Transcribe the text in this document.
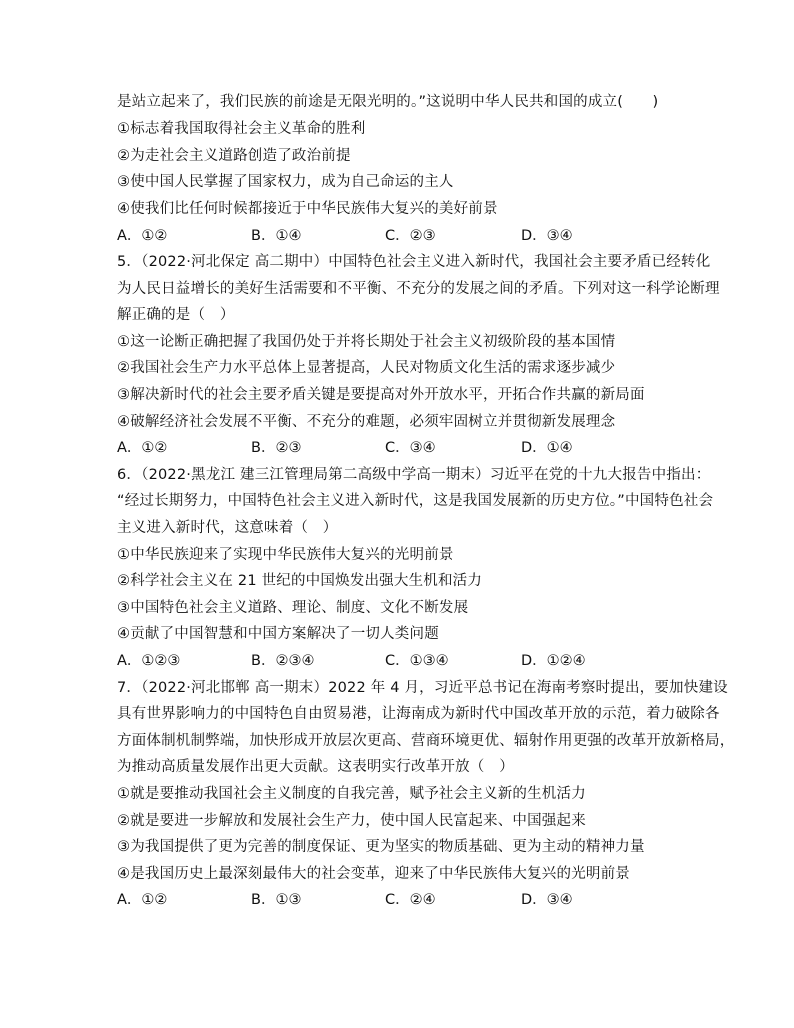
是站立起来了，我们民族的前途是无限光明的。”这说明中华人民共和国的成立(　　)
①标志着我国取得社会主义革命的胜利
②为走社会主义道路创造了政治前提
③使中国人民掌握了国家权力，成为自己命运的主人
④使我们比任何时候都接近于中华民族伟大复兴的美好前景
A．①②	B．①④	C．②③	D．③④
5．（2022·河北保定 高二期中）中国特色社会主义进入新时代，我国社会主要矛盾已经转化
为人民日益增长的美好生活需要和不平衡、不充分的发展之间的矛盾。下列对这一科学论断理
解正确的是（　）
①这一论断正确把握了我国仍处于并将长期处于社会主义初级阶段的基本国情
②我国社会生产力水平总体上显著提高，人民对物质文化生活的需求逐步减少
③解决新时代的社会主要矛盾关键是要提高对外开放水平，开拓合作共赢的新局面
④破解经济社会发展不平衡、不充分的难题，必须牢固树立并贯彻新发展理念
A．①②	B．②③	C．③④	D．①④
6．（2022·黑龙江 建三江管理局第二高级中学高一期末）习近平在党的十九大报告中指出：
“经过长期努力，中国特色社会主义进入新时代，这是我国发展新的历史方位。”中国特色社会
主义进入新时代，这意味着（　）
①中华民族迎来了实现中华民族伟大复兴的光明前景
②科学社会主义在 21 世纪的中国焕发出强大生机和活力
③中国特色社会主义道路、理论、制度、文化不断发展
④贡献了中国智慧和中国方案解决了一切人类问题
A．①②③	B．②③④	C．①③④	D．①②④
7．（2022·河北邯郸 高一期末）2022 年 4 月，习近平总书记在海南考察时提出，要加快建设
具有世界影响力的中国特色自由贸易港，让海南成为新时代中国改革开放的示范，着力破除各
方面体制机制弊端，加快形成开放层次更高、营商环境更优、辐射作用更强的改革开放新格局，
为推动高质量发展作出更大贡献。这表明实行改革开放（　）
①就是要推动我国社会主义制度的自我完善，赋予社会主义新的生机活力
②就是要进一步解放和发展社会生产力，使中国人民富起来、中国强起来
③为我国提供了更为完善的制度保证、更为坚实的物质基础、更为主动的精神力量
④是我国历史上最深刻最伟大的社会变革，迎来了中华民族伟大复兴的光明前景
A．①②	B．①③	C．②④	D．③④
